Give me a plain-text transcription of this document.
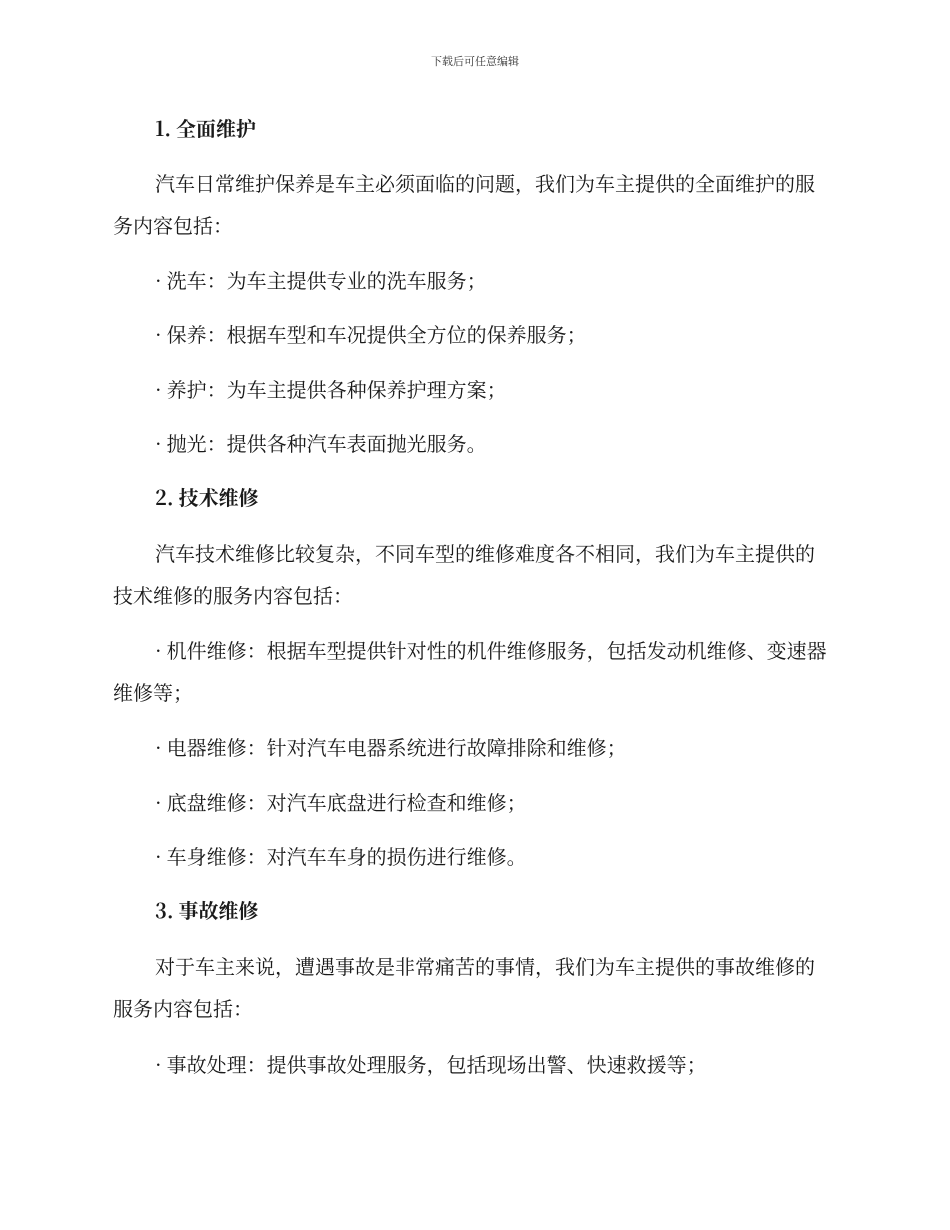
下载后可任意编辑
1. 全面维护
汽车日常维护保养是车主必须面临的问题，我们为车主提供的全面维护的服务内容包括：
· 洗车：为车主提供专业的洗车服务；
· 保养：根据车型和车况提供全方位的保养服务；
· 养护：为车主提供各种保养护理方案；
· 抛光：提供各种汽车表面抛光服务。
2. 技术维修
汽车技术维修比较复杂，不同车型的维修难度各不相同，我们为车主提供的技术维修的服务内容包括：
· 机件维修：根据车型提供针对性的机件维修服务，包括发动机维修、变速器维修等；
· 电器维修：针对汽车电器系统进行故障排除和维修；
· 底盘维修：对汽车底盘进行检查和维修；
· 车身维修：对汽车车身的损伤进行维修。
3. 事故维修
对于车主来说，遭遇事故是非常痛苦的事情，我们为车主提供的事故维修的服务内容包括：
· 事故处理：提供事故处理服务，包括现场出警、快速救援等；
